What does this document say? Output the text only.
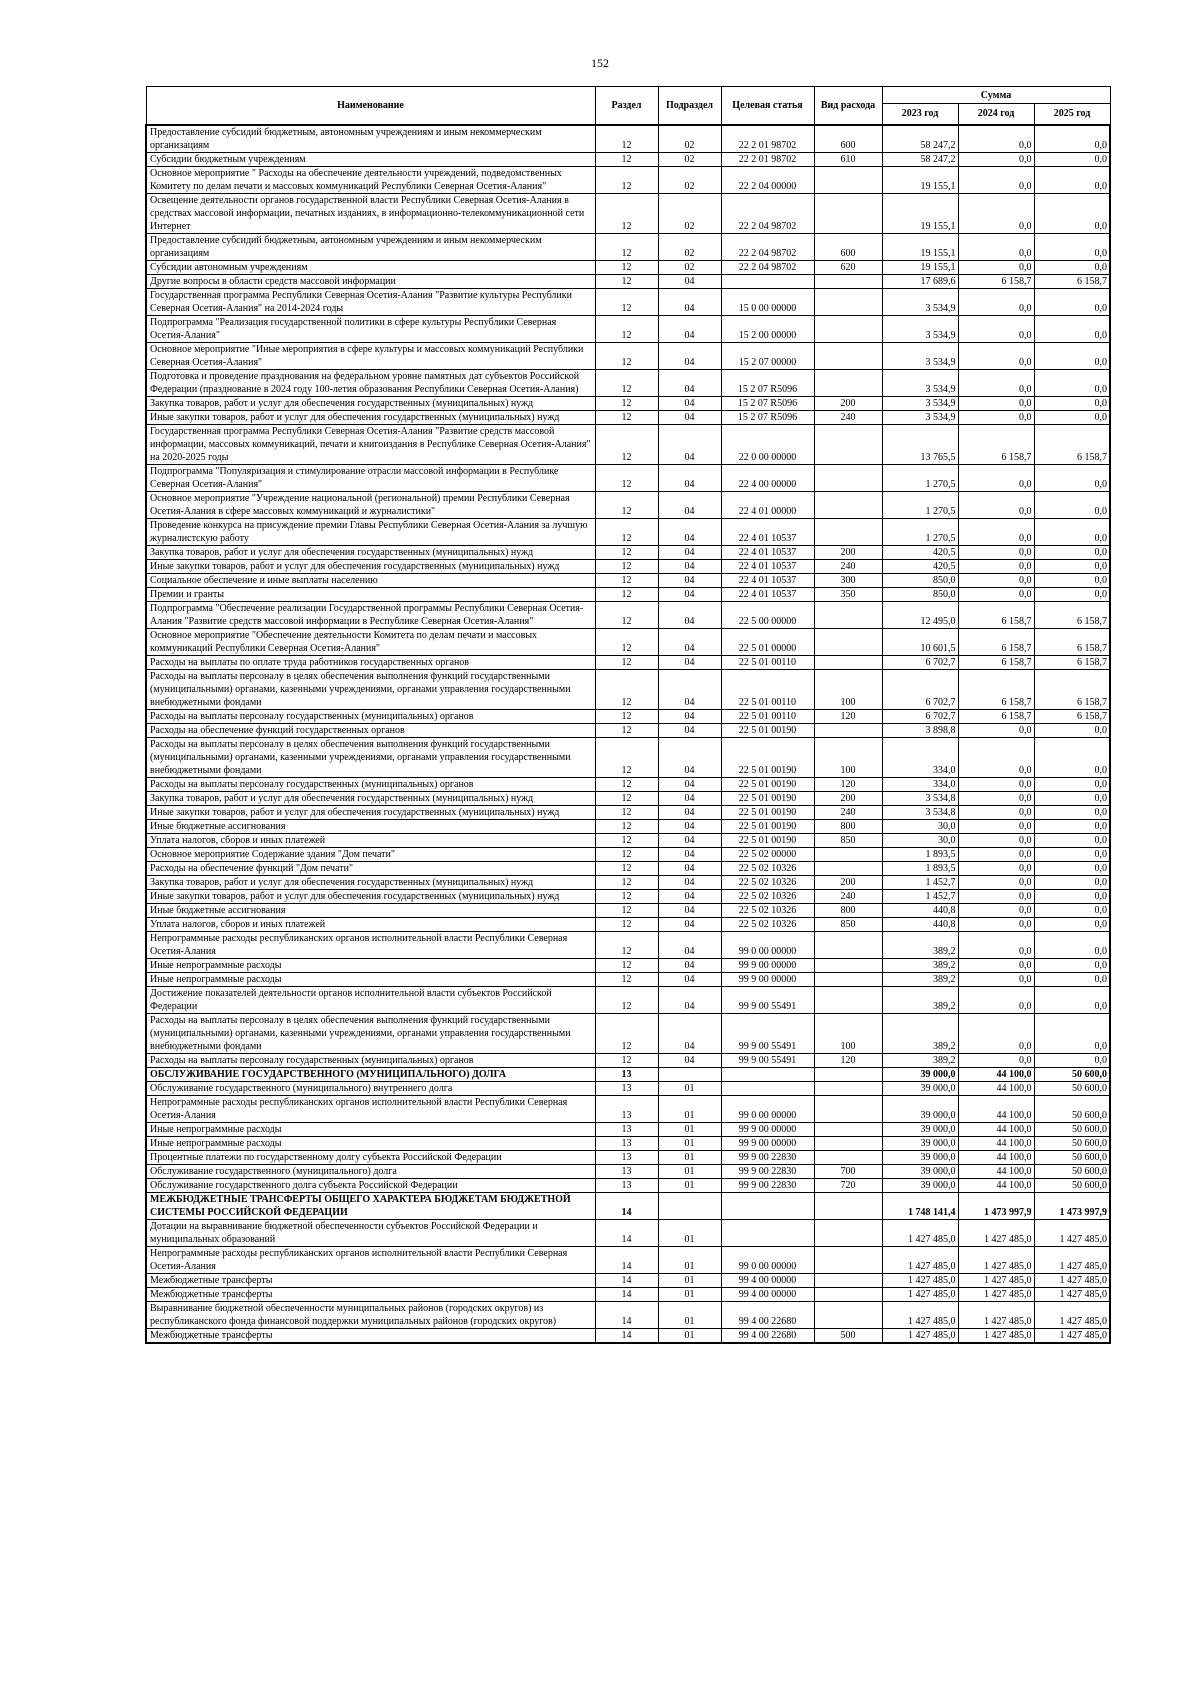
152
Наименование	Раздел	Подраздел	Целевая статья	Вид расхода	Сумма		
					2023 год	2024 год	2025 год
Предоставление субсидий бюджетным, автономным учреждениям и иным некоммерческим организациям	12	02	22 2 01 98702	600	58 247,2	0,0	0,0
Субсидии бюджетным учреждениям	12	02	22 2 01 98702	610	58 247,2	0,0	0,0
Основное мероприятие " Расходы на обеспечение деятельности учреждений, подведомственных Комитету по делам печати и массовых коммуникаций Республики Северная Осетия-Алания"	12	02	22 2 04 00000		19 155,1	0,0	0,0
Освещение деятельности органов государственной власти Республики Северная Осетия-Алания в средствах массовой информации, печатных изданиях, в информационно-телекоммуникационной сети Интернет	12	02	22 2 04 98702		19 155,1	0,0	0,0
Предоставление субсидий бюджетным, автономным учреждениям и иным некоммерческим организациям	12	02	22 2 04 98702	600	19 155,1	0,0	0,0
Субсидии автономным учреждениям	12	02	22 2 04 98702	620	19 155,1	0,0	0,0
Другие вопросы в области средств массовой информации	12	04			17 689,6	6 158,7	6 158,7
Государственная программа Республики Северная Осетия-Алания "Развитие культуры Республики Северная Осетия-Алания" на 2014-2024 годы	12	04	15 0 00 00000		3 534,9	0,0	0,0
Подпрограмма "Реализация государственной политики в сфере культуры Республики Северная Осетия-Алания"	12	04	15 2 00 00000		3 534,9	0,0	0,0
Основное мероприятие "Иные мероприятия в сфере культуры и массовых коммуникаций Республики Северная Осетия-Алания"	12	04	15 2 07 00000		3 534,9	0,0	0,0
Подготовка и проведение празднования на федеральном уровне памятных дат субъектов Российской Федерации (празднование в 2024 году 100-летия образования Республики Северная Осетия-Алания)	12	04	15 2 07 R5096		3 534,9	0,0	0,0
Закупка товаров, работ и услуг для обеспечения государственных (муниципальных) нужд	12	04	15 2 07 R5096	200	3 534,9	0,0	0,0
Иные закупки товаров, работ и услуг для обеспечения государственных (муниципальных) нужд	12	04	15 2 07 R5096	240	3 534,9	0,0	0,0
Государственная программа Республики Северная Осетия-Алания "Развитие средств массовой информации, массовых коммуникаций, печати и книгоиздания в Республике Северная Осетия-Алания" на 2020-2025 годы	12	04	22 0 00 00000		13 765,5	6 158,7	6 158,7
Подпрограмма "Популяризация и стимулирование отрасли массовой информации в Республике Северная Осетия-Алания"	12	04	22 4 00 00000		1 270,5	0,0	0,0
Основное мероприятие "Учреждение национальной (региональной) премии Республики Северная Осетия-Алания в сфере массовых коммуникаций и журналистики"	12	04	22 4 01 00000		1 270,5	0,0	0,0
Проведение конкурса на присуждение премии Главы Республики Северная Осетия-Алания за лучшую журналистскую работу	12	04	22 4 01 10537		1 270,5	0,0	0,0
Закупка товаров, работ и услуг для обеспечения государственных (муниципальных) нужд	12	04	22 4 01 10537	200	420,5	0,0	0,0
Иные закупки товаров, работ и услуг для обеспечения государственных (муниципальных) нужд	12	04	22 4 01 10537	240	420,5	0,0	0,0
Социальное обеспечение и иные выплаты населению	12	04	22 4 01 10537	300	850,0	0,0	0,0
Премии и гранты	12	04	22 4 01 10537	350	850,0	0,0	0,0
Подпрограмма "Обеспечение реализации Государственной программы Республики Северная Осетия-Алания "Развитие средств массовой информации в Республике Северная Осетия-Алания"	12	04	22 5 00 00000		12 495,0	6 158,7	6 158,7
Основное мероприятие "Обеспечение деятельности Комитета по делам печати и массовых коммуникаций Республики Северная Осетия-Алания"	12	04	22 5 01 00000		10 601,5	6 158,7	6 158,7
Расходы на выплаты по оплате труда работников государственных органов	12	04	22 5 01 00110		6 702,7	6 158,7	6 158,7
Расходы на выплаты персоналу в целях обеспечения выполнения функций государственными (муниципальными) органами, казенными учреждениями, органами управления государственными внебюджетными фондами	12	04	22 5 01 00110	100	6 702,7	6 158,7	6 158,7
Расходы на выплаты персоналу государственных (муниципальных) органов	12	04	22 5 01 00110	120	6 702,7	6 158,7	6 158,7
Расходы на обеспечение функций государственных органов	12	04	22 5 01 00190		3 898,8	0,0	0,0
Расходы на выплаты персоналу в целях обеспечения выполнения функций государственными (муниципальными) органами, казенными учреждениями, органами управления государственными внебюджетными фондами	12	04	22 5 01 00190	100	334,0	0,0	0,0
Расходы на выплаты персоналу государственных (муниципальных) органов	12	04	22 5 01 00190	120	334,0	0,0	0,0
Закупка товаров, работ и услуг для обеспечения государственных (муниципальных) нужд	12	04	22 5 01 00190	200	3 534,8	0,0	0,0
Иные закупки товаров, работ и услуг для обеспечения государственных (муниципальных) нужд	12	04	22 5 01 00190	240	3 534,8	0,0	0,0
Иные бюджетные ассигнования	12	04	22 5 01 00190	800	30,0	0,0	0,0
Уплата налогов, сборов и иных платежей	12	04	22 5 01 00190	850	30,0	0,0	0,0
Основное мероприятие Содержание здания "Дом печати"	12	04	22 5 02 00000		1 893,5	0,0	0,0
Расходы на обеспечение функций "Дом печати"	12	04	22 5 02 10326		1 893,5	0,0	0,0
Закупка товаров, работ и услуг для обеспечения государственных (муниципальных) нужд	12	04	22 5 02 10326	200	1 452,7	0,0	0,0
Иные закупки товаров, работ и услуг для обеспечения государственных (муниципальных) нужд	12	04	22 5 02 10326	240	1 452,7	0,0	0,0
Иные бюджетные ассигнования	12	04	22 5 02 10326	800	440,8	0,0	0,0
Уплата налогов, сборов и иных платежей	12	04	22 5 02 10326	850	440,8	0,0	0,0
Непрограммные расходы республиканских органов исполнительной власти Республики Северная Осетия-Алания	12	04	99 0 00 00000		389,2	0,0	0,0
Иные непрограммные расходы	12	04	99 9 00 00000		389,2	0,0	0,0
Иные непрограммные расходы	12	04	99 9 00 00000		389,2	0,0	0,0
Достижение показателей деятельности органов исполнительной власти субъектов Российской Федерации	12	04	99 9 00 55491		389,2	0,0	0,0
Расходы на выплаты персоналу в целях обеспечения выполнения функций государственными (муниципальными) органами, казенными учреждениями, органами управления государственными внебюджетными фондами	12	04	99 9 00 55491	100	389,2	0,0	0,0
Расходы на выплаты персоналу государственных (муниципальных) органов	12	04	99 9 00 55491	120	389,2	0,0	0,0
ОБСЛУЖИВАНИЕ ГОСУДАРСТВЕННОГО (МУНИЦИПАЛЬНОГО) ДОЛГА	13				39 000,0	44 100,0	50 600,0
Обслуживание государственного (муниципального) внутреннего долга	13	01			39 000,0	44 100,0	50 600,0
Непрограммные расходы республиканских органов исполнительной власти Республики Северная Осетия-Алания	13	01	99 0 00 00000		39 000,0	44 100,0	50 600,0
Иные непрограммные расходы	13	01	99 9 00 00000		39 000,0	44 100,0	50 600,0
Иные непрограммные расходы	13	01	99 9 00 00000		39 000,0	44 100,0	50 600,0
Процентные платежи по государственному долгу субъекта Российской Федерации	13	01	99 9 00 22830		39 000,0	44 100,0	50 600,0
Обслуживание государственного (муниципального) долга	13	01	99 9 00 22830	700	39 000,0	44 100,0	50 600,0
Обслуживание государственного долга субъекта Российской Федерации	13	01	99 9 00 22830	720	39 000,0	44 100,0	50 600,0
МЕЖБЮДЖЕТНЫЕ ТРАНСФЕРТЫ ОБЩЕГО ХАРАКТЕРА БЮДЖЕТАМ БЮДЖЕТНОЙ СИСТЕМЫ РОССИЙСКОЙ ФЕДЕРАЦИИ	14				1 748 141,4	1 473 997,9	1 473 997,9
Дотации на выравнивание бюджетной обеспеченности субъектов Российской Федерации и муниципальных образований	14	01			1 427 485,0	1 427 485,0	1 427 485,0
Непрограммные расходы республиканских органов исполнительной власти Республики Северная Осетия-Алания	14	01	99 0 00 00000		1 427 485,0	1 427 485,0	1 427 485,0
Межбюджетные трансферты	14	01	99 4 00 00000		1 427 485,0	1 427 485,0	1 427 485,0
Межбюджетные трансферты	14	01	99 4 00 00000		1 427 485,0	1 427 485,0	1 427 485,0
Выравнивание бюджетной обеспеченности муниципальных районов (городских округов) из республиканского фонда финансовой поддержки муниципальных районов (городских округов)	14	01	99 4 00 22680		1 427 485,0	1 427 485,0	1 427 485,0
Межбюджетные трансферты	14	01	99 4 00 22680	500	1 427 485,0	1 427 485,0	1 427 485,0
